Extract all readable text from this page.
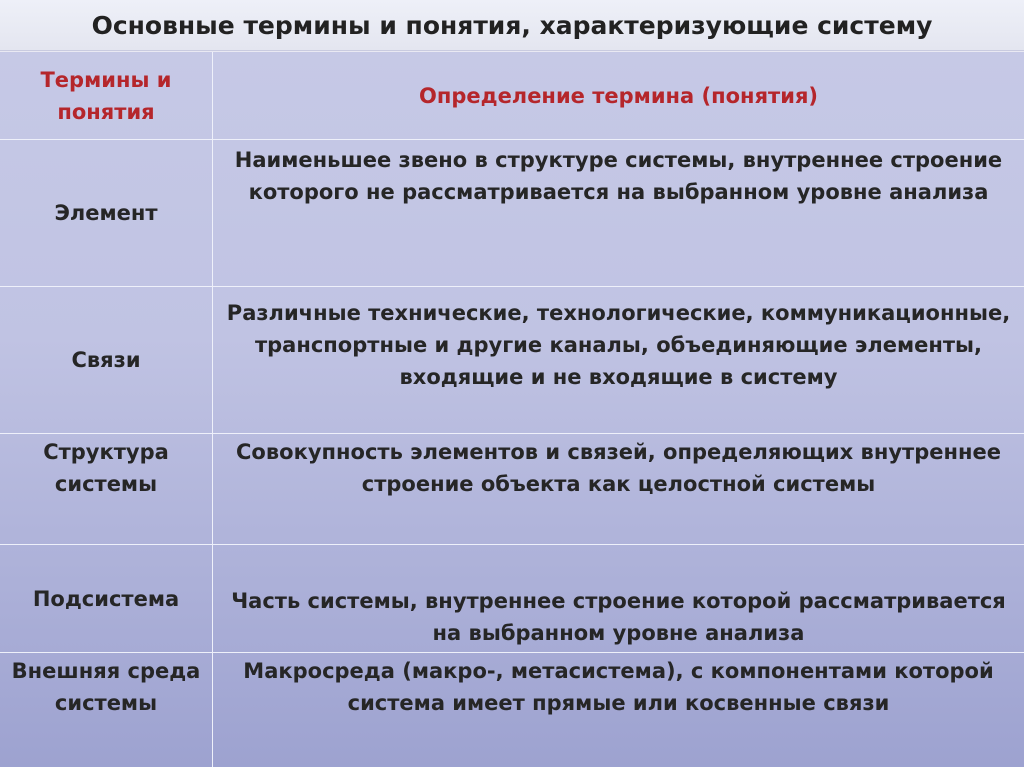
Основные термины и понятия, характеризующие систему
Термины и понятия
Определение термина (понятия)
Элемент
Наименьшее звено в структуре системы, внутреннее строение которого не рассматривается на выбранном уровне анализа
Связи
Различные технические, технологические, коммуникационные, транспортные и другие каналы, объединяющие элементы, входящие и не входящие в систему
Структура системы
Совокупность элементов и связей, определяющих внутреннее строение объекта как целостной системы
Подсистема	Часть системы, внутреннее строение которой рассматривается на выбранном уровне анализа
Внешняя среда системы
Макросреда (макро-, метасистема), с компонентами которой система имеет прямые или косвенные связи
